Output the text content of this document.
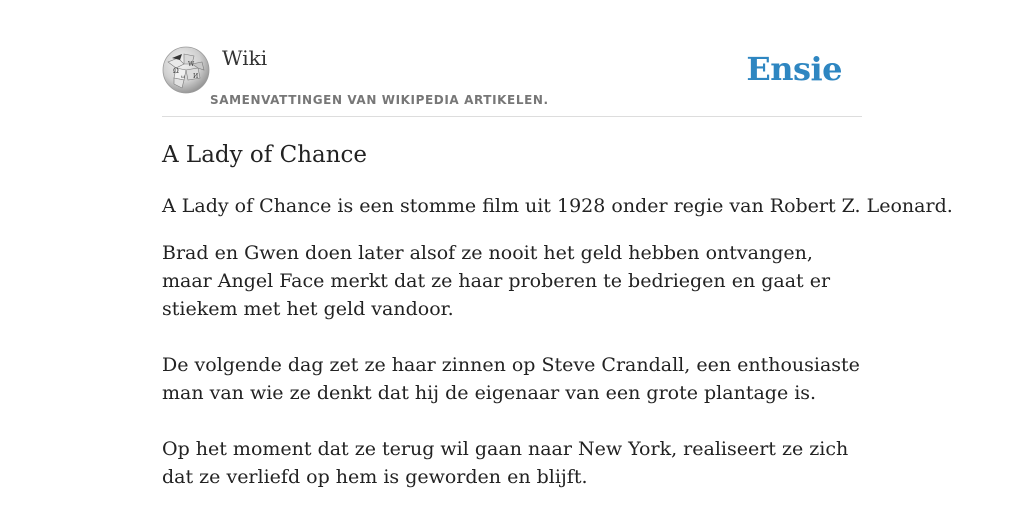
Ω
W
И
ω
Wiki
SAMENVATTINGEN VAN WIKIPEDIA ARTIKELEN.
Ensie
A Lady of Chance

A Lady of Chance is een stomme film uit 1928 onder regie van Robert Z. Leonard.

Brad en Gwen doen later alsof ze nooit het geld hebben ontvangen, maar Angel Face merkt dat ze haar proberen te bedriegen en gaat er stiekem met het geld vandoor.

De volgende dag zet ze haar zinnen op Steve Crandall, een enthousiaste man van wie ze denkt dat hij de eigenaar van een grote plantage is.

Op het moment dat ze terug wil gaan naar New York, realiseert ze zich dat ze verliefd op hem is geworden en blijft.
